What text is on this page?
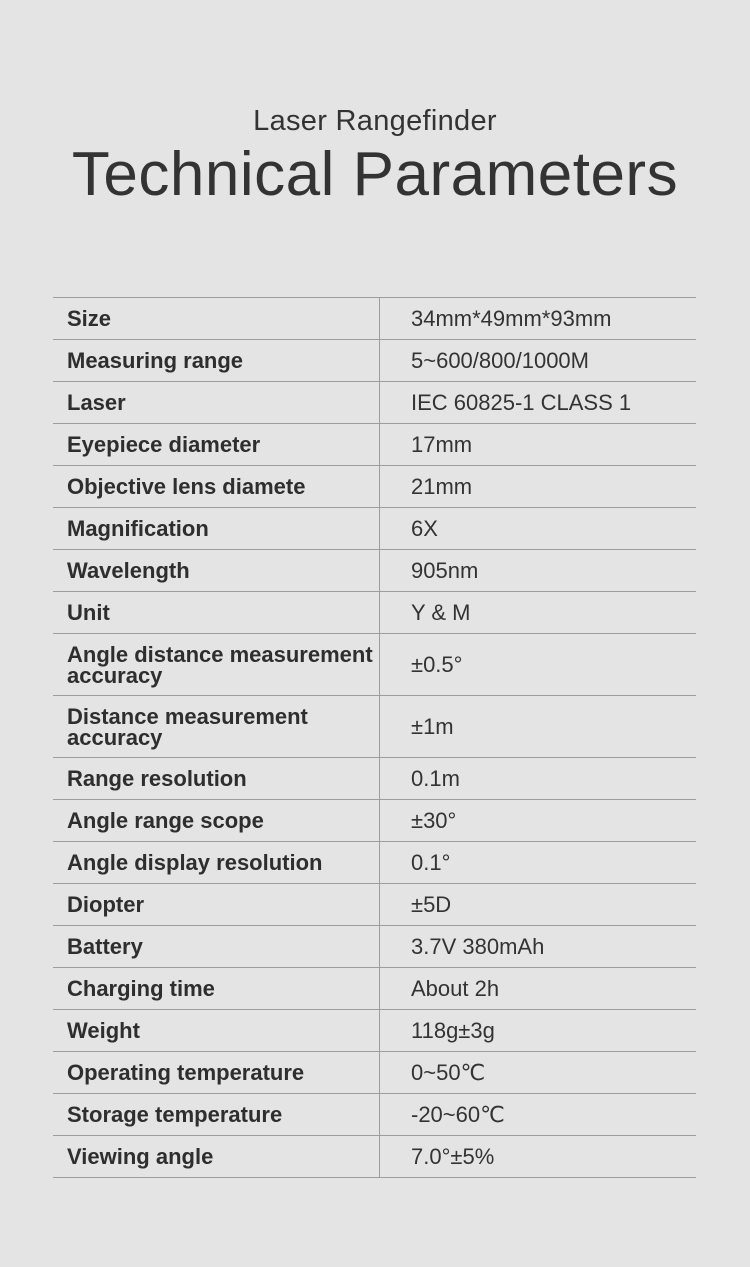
Laser Rangefinder
Technical Parameters
Size	34mm*49mm*93mm
Measuring range	5~600/800/1000M
Laser	IEC 60825-1 CLASS 1
Eyepiece diameter	17mm
Objective lens diamete	21mm
Magnification	6X
Wavelength	905nm
Unit	Y & M
Angle distance measurement accuracy	±0.5°
Distance measurement accuracy	±1m
Range resolution	0.1m
Angle range scope	±30°
Angle display resolution	0.1°
Diopter	±5D
Battery	3.7V 380mAh
Charging time	About 2h
Weight	118g±3g
Operating temperature	0~50℃
Storage temperature	-20~60℃
Viewing angle	7.0°±5%
